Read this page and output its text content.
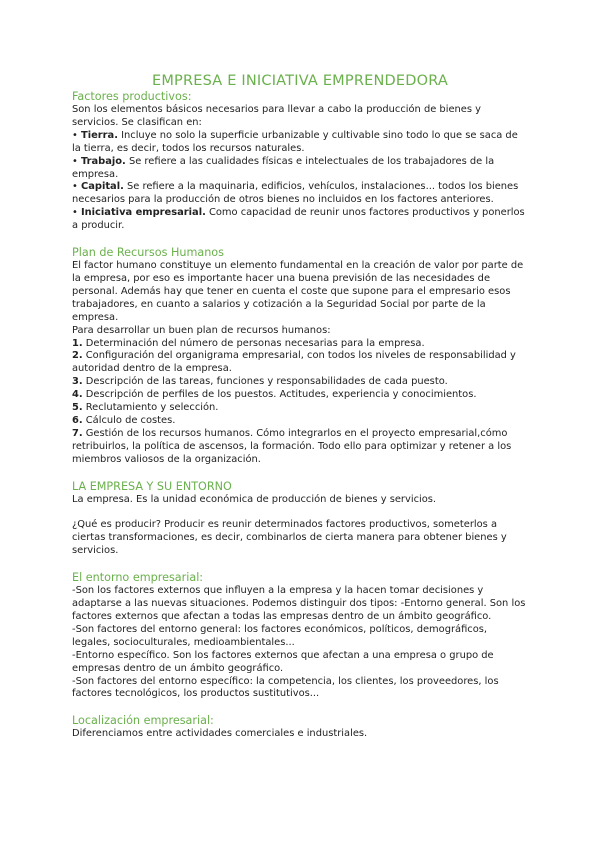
EMPRESA E INICIATIVA EMPRENDEDORA
Factores productivos:

Son los elementos básicos necesarios para llevar a cabo la producción de bienes y servicios. Se clasifican en:

• Tierra. Incluye no solo la superficie urbanizable y cultivable sino todo lo que se saca de la tierra, es decir, todos los recursos naturales.

• Trabajo. Se refiere a las cualidades físicas e intelectuales de los trabajadores de la empresa.

• Capital. Se refiere a la maquinaria, edificios, vehículos, instalaciones... todos los bienes necesarios para la producción de otros bienes no incluidos en los factores anteriores.

• Iniciativa empresarial. Como capacidad de reunir unos factores productivos y ponerlos a producir.

Plan de Recursos Humanos

El factor humano constituye un elemento fundamental en la creación de valor por parte de la empresa, por eso es importante hacer una buena previsión de las necesidades de personal. Además hay que tener en cuenta el coste que supone para el empresario esos trabajadores, en cuanto a salarios y cotización a la Seguridad Social por parte de la empresa.

Para desarrollar un buen plan de recursos humanos:

1. Determinación del número de personas necesarias para la empresa.

2. Configuración del organigrama empresarial, con todos los niveles de responsabilidad y autoridad dentro de la empresa.

3. Descripción de las tareas, funciones y responsabilidades de cada puesto.

4. Descripción de perfiles de los puestos. Actitudes, experiencia y conocimientos.

5. Reclutamiento y selección.

6. Cálculo de costes.

7. Gestión de los recursos humanos. Cómo integrarlos en el proyecto empresarial,cómo retribuirlos, la política de ascensos, la formación. Todo ello para optimizar y retener a los miembros valiosos de la organización.

LA EMPRESA Y SU ENTORNO

La empresa. Es la unidad económica de producción de bienes y servicios.

¿Qué es producir? Producir es reunir determinados factores productivos, someterlos a ciertas transformaciones, es decir, combinarlos de cierta manera para obtener bienes y servicios.

El entorno empresarial:

-Son los factores externos que influyen a la empresa y la hacen tomar decisiones y adaptarse a las nuevas situaciones. Podemos distinguir dos tipos: -Entorno general. Son los factores externos que afectan a todas las empresas dentro de un ámbito geográfico.

-Son factores del entorno general: los factores económicos, políticos, demográficos, legales, socioculturales, medioambientales...

-Entorno específico. Son los factores externos que afectan a una empresa o grupo de empresas dentro de un ámbito geográfico.

-Son factores del entorno específico: la competencia, los clientes, los proveedores, los factores tecnológicos, los productos sustitutivos...

Localización empresarial:

Diferenciamos entre actividades comerciales e industriales.
